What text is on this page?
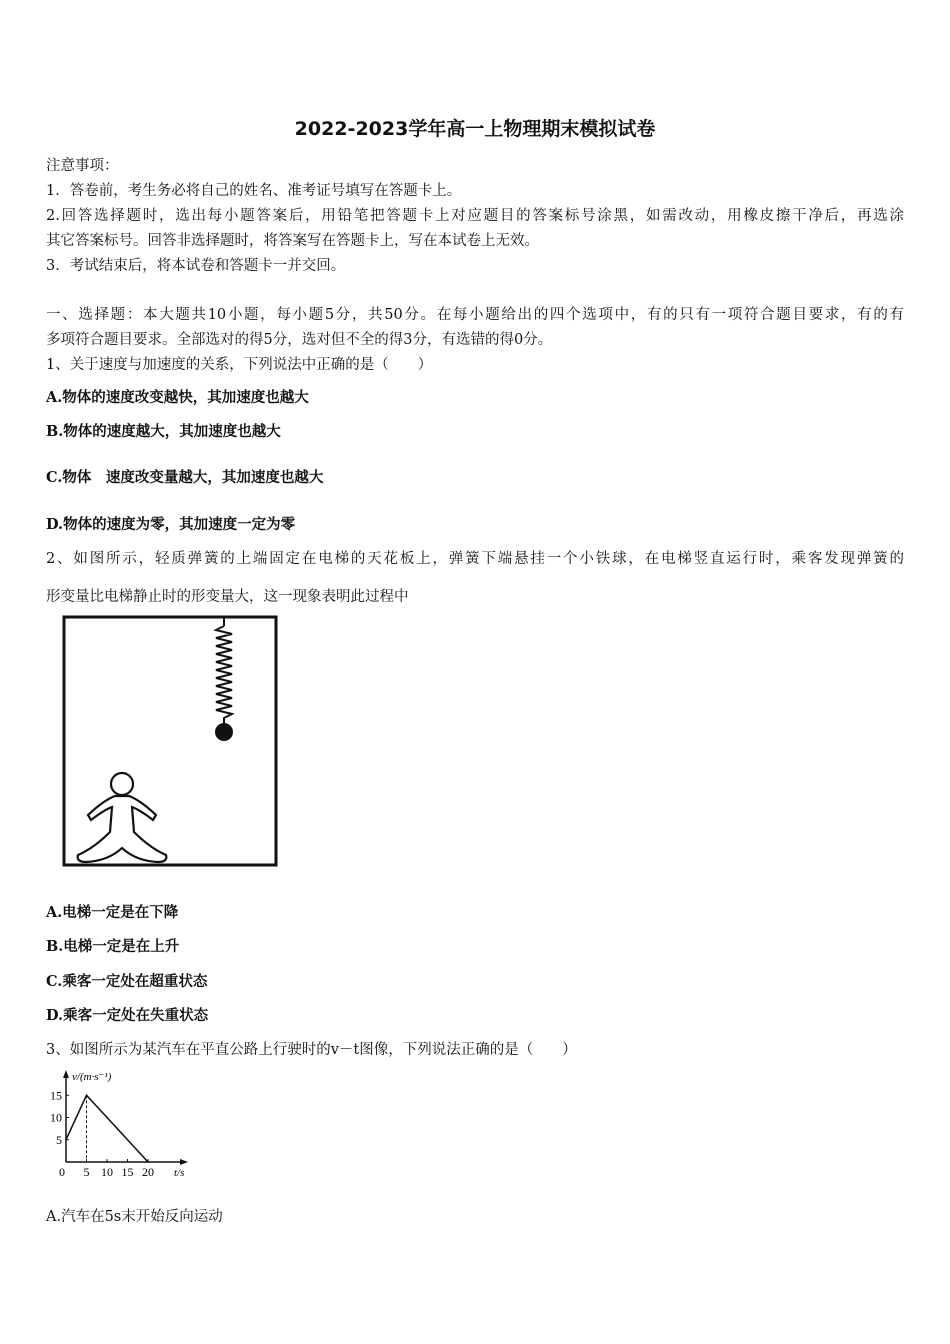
2022-2023学年高一上物理期末模拟试卷
注意事项：
1．答卷前，考生务必将自己的姓名、准考证号填写在答题卡上。
2.回答选择题时，选出每小题答案后，用铅笔把答题卡上对应题目的答案标号涂黑，如需改动，用橡皮擦干净后，再选涂
其它答案标号。回答非选择题时，将答案写在答题卡上，写在本试卷上无效。
3．考试结束后，将本试卷和答题卡一并交回。
一、选择题：本大题共10小题，每小题5分，共50分。在每小题给出的四个选项中，有的只有一项符合题目要求，有的有
多项符合题目要求。全部选对的得5分，选对但不全的得3分，有选错的得0分。
1、关于速度与加速度的关系，下列说法中正确的是（　　）
A.物体的速度改变越快，其加速度也越大
B.物体的速度越大，其加速度也越大
C.物体　速度改变量越大，其加速度也越大
D.物体的速度为零，其加速度一定为零
2、如图所示，轻质弹簧的上端固定在电梯的天花板上，弹簧下端悬挂一个小铁球，在电梯竖直运行时，乘客发现弹簧的
形变量比电梯静止时的形变量大，这一现象表明此过程中
A.电梯一定是在下降
B.电梯一定是在上升
C.乘客一定处在超重状态
D.乘客一定处在失重状态
3、如图所示为某汽车在平直公路上行驶时的v－t图像，下列说法正确的是（　　）
v/(m·s⁻¹)
t/s
0 5 10 15 20
5
10
15
A.汽车在5s末开始反向运动
